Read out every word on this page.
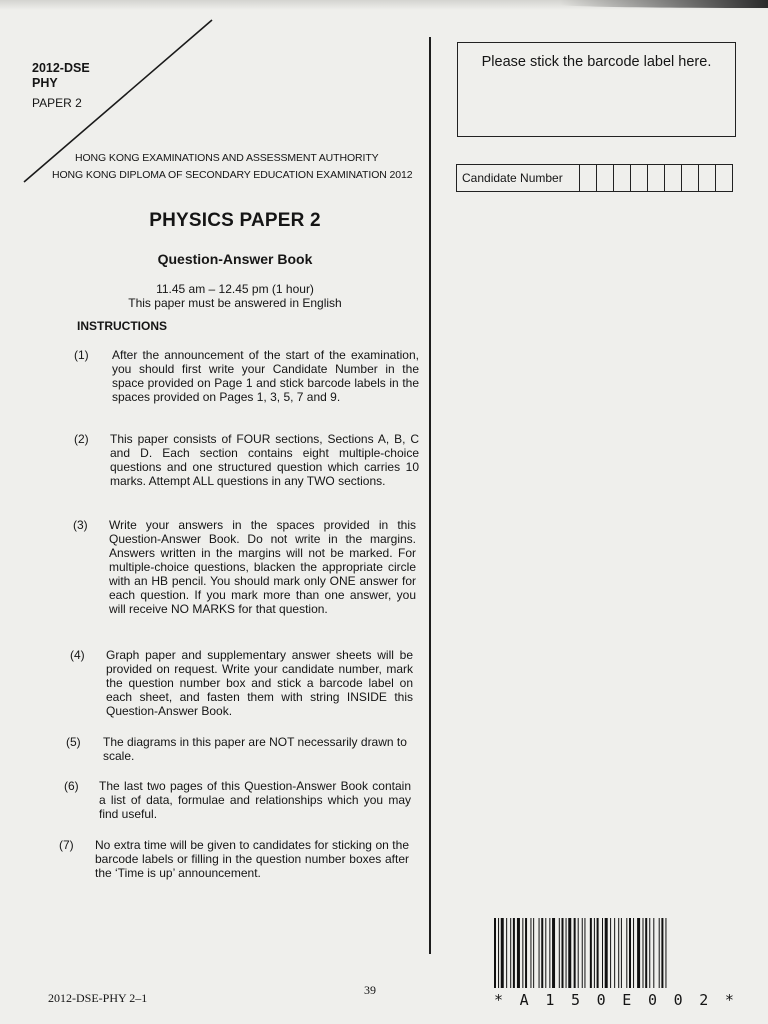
2012-DSE
PHY
PAPER 2
HONG KONG EXAMINATIONS AND ASSESSMENT AUTHORITY
HONG KONG DIPLOMA OF SECONDARY EDUCATION EXAMINATION 2012
PHYSICS PAPER 2
Question-Answer Book
11.45 am – 12.45 pm (1 hour)
This paper must be answered in English
INSTRUCTIONS
(1) After the announcement of the start of the examination, you should first write your Candidate Number in the space provided on Page 1 and stick barcode labels in the spaces provided on Pages 1, 3, 5, 7 and 9.
(2) This paper consists of FOUR sections, Sections A, B, C and D. Each section contains eight multiple-choice questions and one structured question which carries 10 marks. Attempt ALL questions in any TWO sections.
(3) Write your answers in the spaces provided in this Question-Answer Book. Do not write in the margins. Answers written in the margins will not be marked. For multiple-choice questions, blacken the appropriate circle with an HB pencil. You should mark only ONE answer for each question. If you mark more than one answer, you will receive NO MARKS for that question.
(4) Graph paper and supplementary answer sheets will be provided on request. Write your candidate number, mark the question number box and stick a barcode label on each sheet, and fasten them with string INSIDE this Question-Answer Book.
(5) The diagrams in this paper are NOT necessarily drawn to scale.
(6) The last two pages of this Question-Answer Book contain a list of data, formulae and relationships which you may find useful.
(7) No extra time will be given to candidates for sticking on the barcode labels or filling in the question number boxes after the ‘Time is up’ announcement.
Please stick the barcode label here.
Candidate Number
* A 1 5 0 E 0 0 2 *
2012-DSE-PHY 2–1
39
